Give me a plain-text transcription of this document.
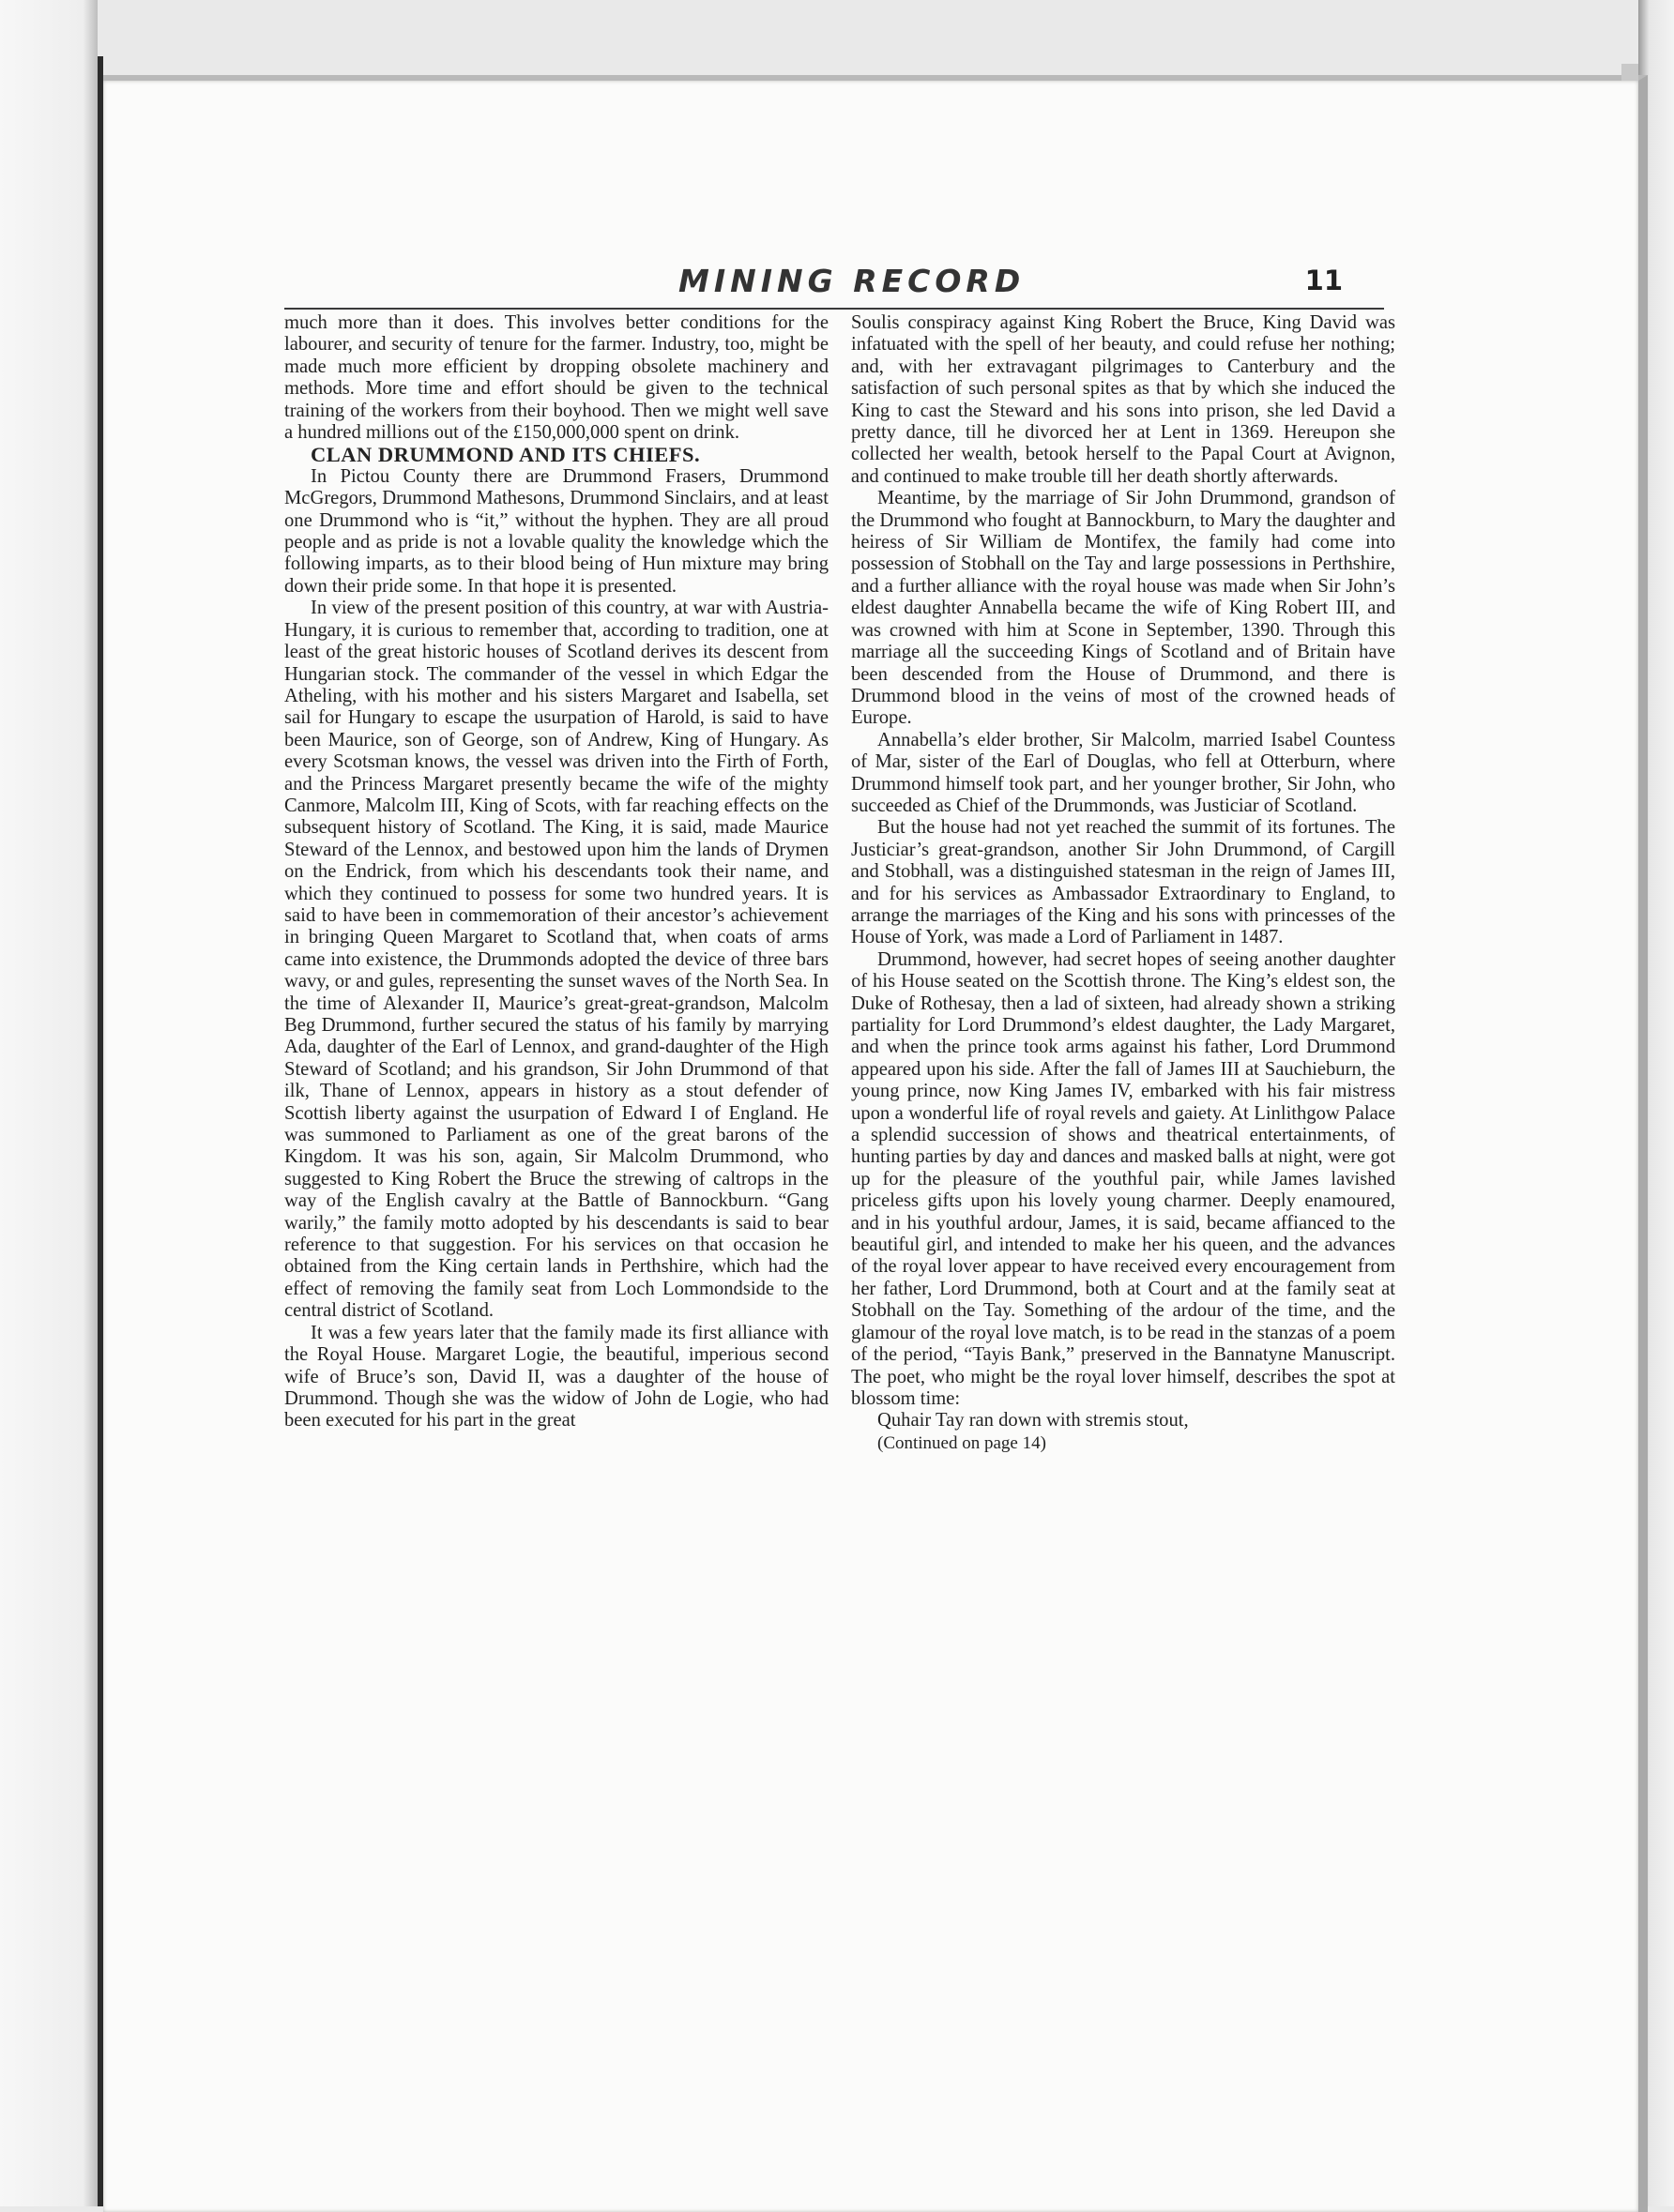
MINING RECORD	11

much more than it does. This involves better conditions for the labourer, and security of tenure for the farmer. Industry, too, might be made much more efficient by dropping obsolete machinery and methods. More time and effort should be given to the technical training of the workers from their boyhood. Then we might well save a hundred millions out of the £150,000,000 spent on drink.

CLAN DRUMMOND AND ITS CHIEFS.

In Pictou County there are Drummond Frasers, Drummond McGregors, Drummond Mathesons, Drummond Sinclairs, and at least one Drummond who is “it,” without the hyphen. They are all proud people and as pride is not a lovable quality the knowledge which the following imparts, as to their blood being of Hun mixture may bring down their pride some. In that hope it is presented.

In view of the present position of this country, at war with Austria-Hungary, it is curious to remember that, according to tradition, one at least of the great historic houses of Scotland derives its descent from Hungarian stock. The commander of the vessel in which Edgar the Atheling, with his mother and his sisters Margaret and Isabella, set sail for Hungary to escape the usurpation of Harold, is said to have been Maurice, son of George, son of Andrew, King of Hungary. As every Scotsman knows, the vessel was driven into the Firth of Forth, and the Princess Margaret presently became the wife of the mighty Canmore, Malcolm III, King of Scots, with far reaching effects on the subsequent history of Scotland. The King, it is said, made Maurice Steward of the Lennox, and bestowed upon him the lands of Drymen on the Endrick, from which his descendants took their name, and which they continued to possess for some two hundred years. It is said to have been in commemoration of their ancestor’s achievement in bringing Queen Margaret to Scotland that, when coats of arms came into existence, the Drummonds adopted the device of three bars wavy, or and gules, representing the sunset waves of the North Sea. In the time of Alexander II, Maurice’s great-great-grandson, Malcolm Beg Drummond, further secured the status of his family by marrying Ada, daughter of the Earl of Lennox, and grand-daughter of the High Steward of Scotland; and his grandson, Sir John Drummond of that ilk, Thane of Lennox, appears in history as a stout defender of Scottish liberty against the usurpation of Edward I of England. He was summoned to Parliament as one of the great barons of the Kingdom. It was his son, again, Sir Malcolm Drummond, who suggested to King Robert the Bruce the strewing of caltrops in the way of the English cavalry at the Battle of Bannockburn. “Gang warily,” the family motto adopted by his descendants is said to bear reference to that suggestion. For his services on that occasion he obtained from the King certain lands in Perthshire, which had the effect of removing the family seat from Loch Lommondside to the central district of Scotland.

It was a few years later that the family made its first alliance with the Royal House. Margaret Logie, the beautiful, imperious second wife of Bruce’s son, David II, was a daughter of the house of Drummond. Though she was the widow of John de Logie, who had been executed for his part in the great

Soulis conspiracy against King Robert the Bruce, King David was infatuated with the spell of her beauty, and could refuse her nothing; and, with her extravagant pilgrimages to Canterbury and the satisfaction of such personal spites as that by which she induced the King to cast the Steward and his sons into prison, she led David a pretty dance, till he divorced her at Lent in 1369. Hereupon she collected her wealth, betook herself to the Papal Court at Avignon, and continued to make trouble till her death shortly afterwards.

Meantime, by the marriage of Sir John Drummond, grandson of the Drummond who fought at Bannockburn, to Mary the daughter and heiress of Sir William de Montifex, the family had come into possession of Stobhall on the Tay and large possessions in Perthshire, and a further alliance with the royal house was made when Sir John’s eldest daughter Annabella became the wife of King Robert III, and was crowned with him at Scone in September, 1390. Through this marriage all the succeeding Kings of Scotland and of Britain have been descended from the House of Drummond, and there is Drummond blood in the veins of most of the crowned heads of Europe.

Annabella’s elder brother, Sir Malcolm, married Isabel Countess of Mar, sister of the Earl of Douglas, who fell at Otterburn, where Drummond himself took part, and her younger brother, Sir John, who succeeded as Chief of the Drummonds, was Justiciar of Scotland.

But the house had not yet reached the summit of its fortunes. The Justiciar’s great-grandson, another Sir John Drummond, of Cargill and Stobhall, was a distinguished statesman in the reign of James III, and for his services as Ambassador Extraordinary to England, to arrange the marriages of the King and his sons with princesses of the House of York, was made a Lord of Parliament in 1487.

Drummond, however, had secret hopes of seeing another daughter of his House seated on the Scottish throne. The King’s eldest son, the Duke of Rothesay, then a lad of sixteen, had already shown a striking partiality for Lord Drummond’s eldest daughter, the Lady Margaret, and when the prince took arms against his father, Lord Drummond appeared upon his side. After the fall of James III at Sauchieburn, the young prince, now King James IV, embarked with his fair mistress upon a wonderful life of royal revels and gaiety. At Linlithgow Palace a splendid succession of shows and theatrical entertainments, of hunting parties by day and dances and masked balls at night, were got up for the pleasure of the youthful pair, while James lavished priceless gifts upon his lovely young charmer. Deeply enamoured, and in his youthful ardour, James, it is said, became affianced to the beautiful girl, and intended to make her his queen, and the advances of the royal lover appear to have received every encouragement from her father, Lord Drummond, both at Court and at the family seat at Stobhall on the Tay. Something of the ardour of the time, and the glamour of the royal love match, is to be read in the stanzas of a poem of the period, “Tayis Bank,” preserved in the Bannatyne Manuscript. The poet, who might be the royal lover himself, describes the spot at blossom time:

Quhair Tay ran down with stremis stout,

(Continued on page 14)
